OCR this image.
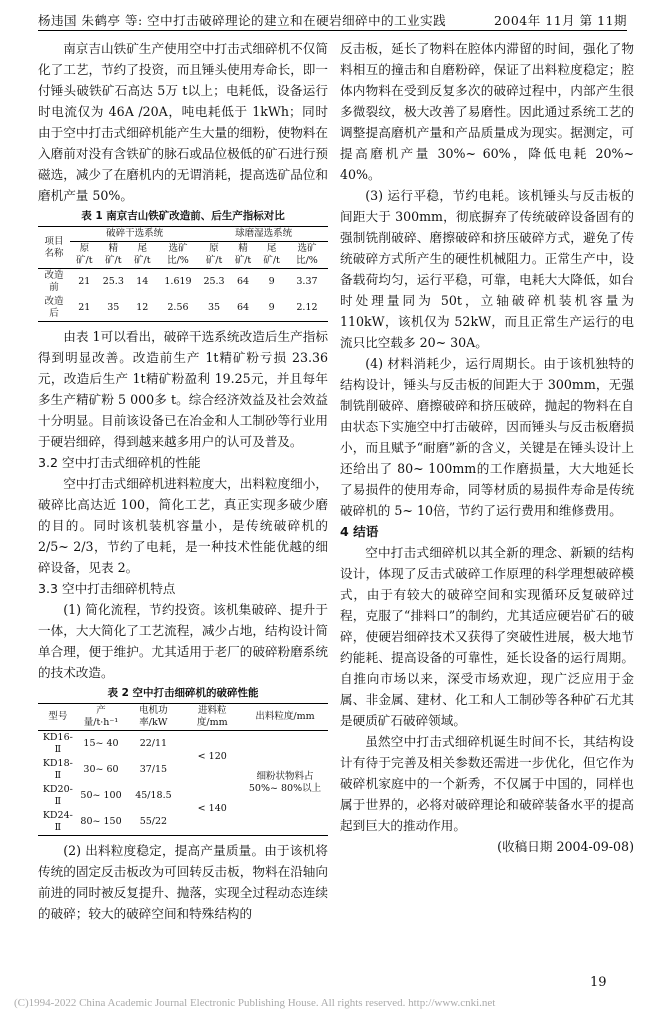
杨违国 朱鹤亭 等: 空中打击破碎理论的建立和在硬岩细碎中的工业实践	2004年 11月 第 11期

南京吉山铁矿生产使用空中打击式细碎机不仅简化了工艺，节约了投资，而且锤头使用寿命长，即一付锤头破铁矿石高达 5万 t以上；电耗低，设备运行时电流仅为 46A /20A，吨电耗低于 1kWh；同时由于空中打击式细碎机能产生大量的细粉，使物料在入磨前对没有含铁矿的脉石或品位极低的矿石进行预磁选，减少了在磨机内的无谓消耗，提高选矿品位和磨机产量 50%。

表 1 南京吉山铁矿改造前、后生产指标对比
项目名称	破碎干选系统				球磨湿选系统			
	原矿/t	精矿/t	尾矿/t	选矿比/%	原矿/t	精矿/t	尾矿/t	选矿比/%
改造前	21	25.3	14	1.619	25.3	64	9	3.37
改造后	21	35	12	2.56	35	64	9	2.12

由表 1可以看出，破碎干选系统改造后生产指标得到明显改善。改造前生产 1t精矿粉亏损 23.36元，改造后生产 1t精矿粉盈利 19.25元，并且每年多生产精矿粉 5 000多 t。综合经济效益及社会效益十分明显。目前该设备已在冶金和人工制砂等行业用于硬岩细碎，得到越来越多用户的认可及普及。

3.2 空中打击式细碎机的性能

空中打击式细碎机进料粒度大，出料粒度细小，破碎比高达近 100，简化工艺，真正实现多破少磨的目的。同时该机装机容量小，是传统破碎机的 2/5~ 2/3，节约了电耗，是一种技术性能优越的细碎设备，见表 2。

3.3 空中打击细碎机特点

(1) 简化流程，节约投资。该机集破碎、提升于一体，大大简化了工艺流程，减少占地，结构设计简单合理，便于维护。尤其适用于老厂的破碎粉磨系统的技术改造。

表 2 空中打击细碎机的破碎性能
型号	产量/t·h⁻¹	电机功率/kW	进料粒度/mm	出料粒度/mm
KD16-Ⅱ	15~ 40	22/11	< 120	细粉状物料占50%~ 80%以上
KD18-Ⅱ	30~ 60	37/15		
KD20-Ⅱ	50~ 100	45/18.5	< 140	
KD24-Ⅱ	80~ 150	55/22		

(2) 出料粒度稳定，提高产量质量。由于该机将传统的固定反击板改为可回转反击板，物料在沿轴向前进的同时被反复提升、抛落，实现全过程动态连续的破碎；较大的破碎空间和特殊结构的

反击板，延长了物料在腔体内滞留的时间，强化了物料相互的撞击和自磨粉碎，保证了出料粒度稳定；腔体内物料在受到反复多次的破碎过程中，内部产生很多微裂纹，极大改善了易磨性。因此通过系统工艺的调整提高磨机产量和产品质量成为现实。据测定，可提高磨机产量 30%~ 60%，降低电耗 20%~ 40%。

(3) 运行平稳，节约电耗。该机锤头与反击板的间距大于 300mm，彻底摒弃了传统破碎设备固有的强制铣削破碎、磨擦破碎和挤压破碎方式，避免了传统破碎方式所产生的硬性机械阻力。正常生产中，设备载荷均匀，运行平稳，可靠，电耗大大降低，如台时处理量同为 50t，立轴破碎机装机容量为 110kW，该机仅为 52kW，而且正常生产运行的电流只比空载多 20~ 30A。

(4) 材料消耗少，运行周期长。由于该机独特的结构设计，锤头与反击板的间距大于 300mm，无强制铣削破碎、磨擦破碎和挤压破碎，抛起的物料在自由状态下实施空中打击破碎，因而锤头与反击板磨损小，而且赋予“耐磨”新的含义，关键是在锤头设计上还给出了 80~ 100mm的工作磨损量，大大地延长了易损件的使用寿命，同等材质的易损件寿命是传统破碎机的 5~ 10倍，节约了运行费用和维修费用。

4 结语

空中打击式细碎机以其全新的理念、新颖的结构设计，体现了反击式破碎工作原理的科学理想破碎模式，由于有较大的破碎空间和实现循环反复破碎过程，克服了“排料口”的制约，尤其适应硬岩矿石的破碎，使硬岩细碎技术又获得了突破性进展，极大地节约能耗、提高设备的可靠性，延长设备的运行周期。自推向市场以来，深受市场欢迎，现广泛应用于金属、非金属、建材、化工和人工制砂等各种矿石尤其是硬质矿石破碎领域。

虽然空中打击式细碎机诞生时间不长，其结构设计有待于完善及相关参数还需进一步优化，但它作为破碎机家庭中的一个新秀，不仅属于中国的，同样也属于世界的，必将对破碎理论和破碎装备水平的提高起到巨大的推动作用。

(收稿日期 2004-09-08)

19
(C)1994-2022 China Academic Journal Electronic Publishing House. All rights reserved. http://www.cnki.net
